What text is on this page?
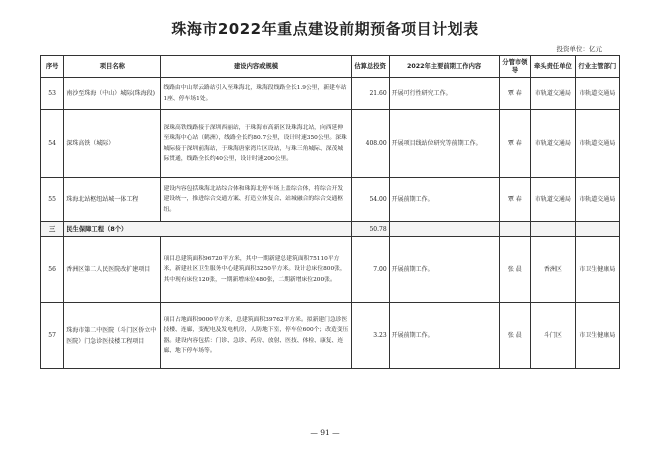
珠海市2022年重点建设前期预备项目计划表
投资单位：亿元
序号	项目名称	建设内容或规模	估算总投资	2022年主要前期工作内容	分管市领导	牵头责任单位	行业主管部门
53	南沙至珠海（中山）城际(珠海段)	线路由中山翠云路站引入至珠海北，珠海段线路全长1.9公里，新建车站1座、停车场1处。	21.60	开展可行性研究工作。	覃 春	市轨道交通局	市轨道交通局
54	深珠高铁（城际）	深珠高铁线路接于深圳西丽站，于珠海市高新区设珠海北站，向西延伸至珠海中心站（鹤洲），线路全长约80.7公里，设计时速350公里。深珠城际接于深圳前海站，于珠海唐家湾片区设站，与珠三角城际、深茂城际贯通，线路全长约40公里，设计时速200公里。	408.00	开展项目线站位研究等前期工作。	覃 春	市轨道交通局	市轨道交通局
55	珠海北站枢纽站城一体工程	建设内容包括珠海北站综合体和珠海北停车场上盖综合体，将综合开发建设统一，推进综合交通方案、打造立体复合、站城融合的综合交通枢纽。	54.00	开展前期工作。	覃 春	市轨道交通局	市轨道交通局
三	民生保障工程（8个）		50.78				
56	香洲区第二人民医院改扩建项目	项目总建筑面积96720平方米，其中一期新建总建筑面积75110平方米，新建社区卫生服务中心建筑面积3250平方米。设计总床位800张，其中现有床位120张，一期新增床位480张，二期新增床位200张。	7.00	开展前期工作。	张 晨	香洲区	市卫生健康局
57	珠海市第二中医院（斗门区侨立中医院）门急诊医技楼工程项目	项目占地面积9000平方米，总建筑面积39762平方米。拟新建门急诊医技楼、连廊，变配电及发电机房，人防地下室，停车位600个；改造变压器。建设内容包括：门诊、急诊、药房、放射、医技、体检、康复、连廊、地下停车场等。	3.23	开展前期工作。	张 晨	斗门区	市卫生健康局
— 91 —
